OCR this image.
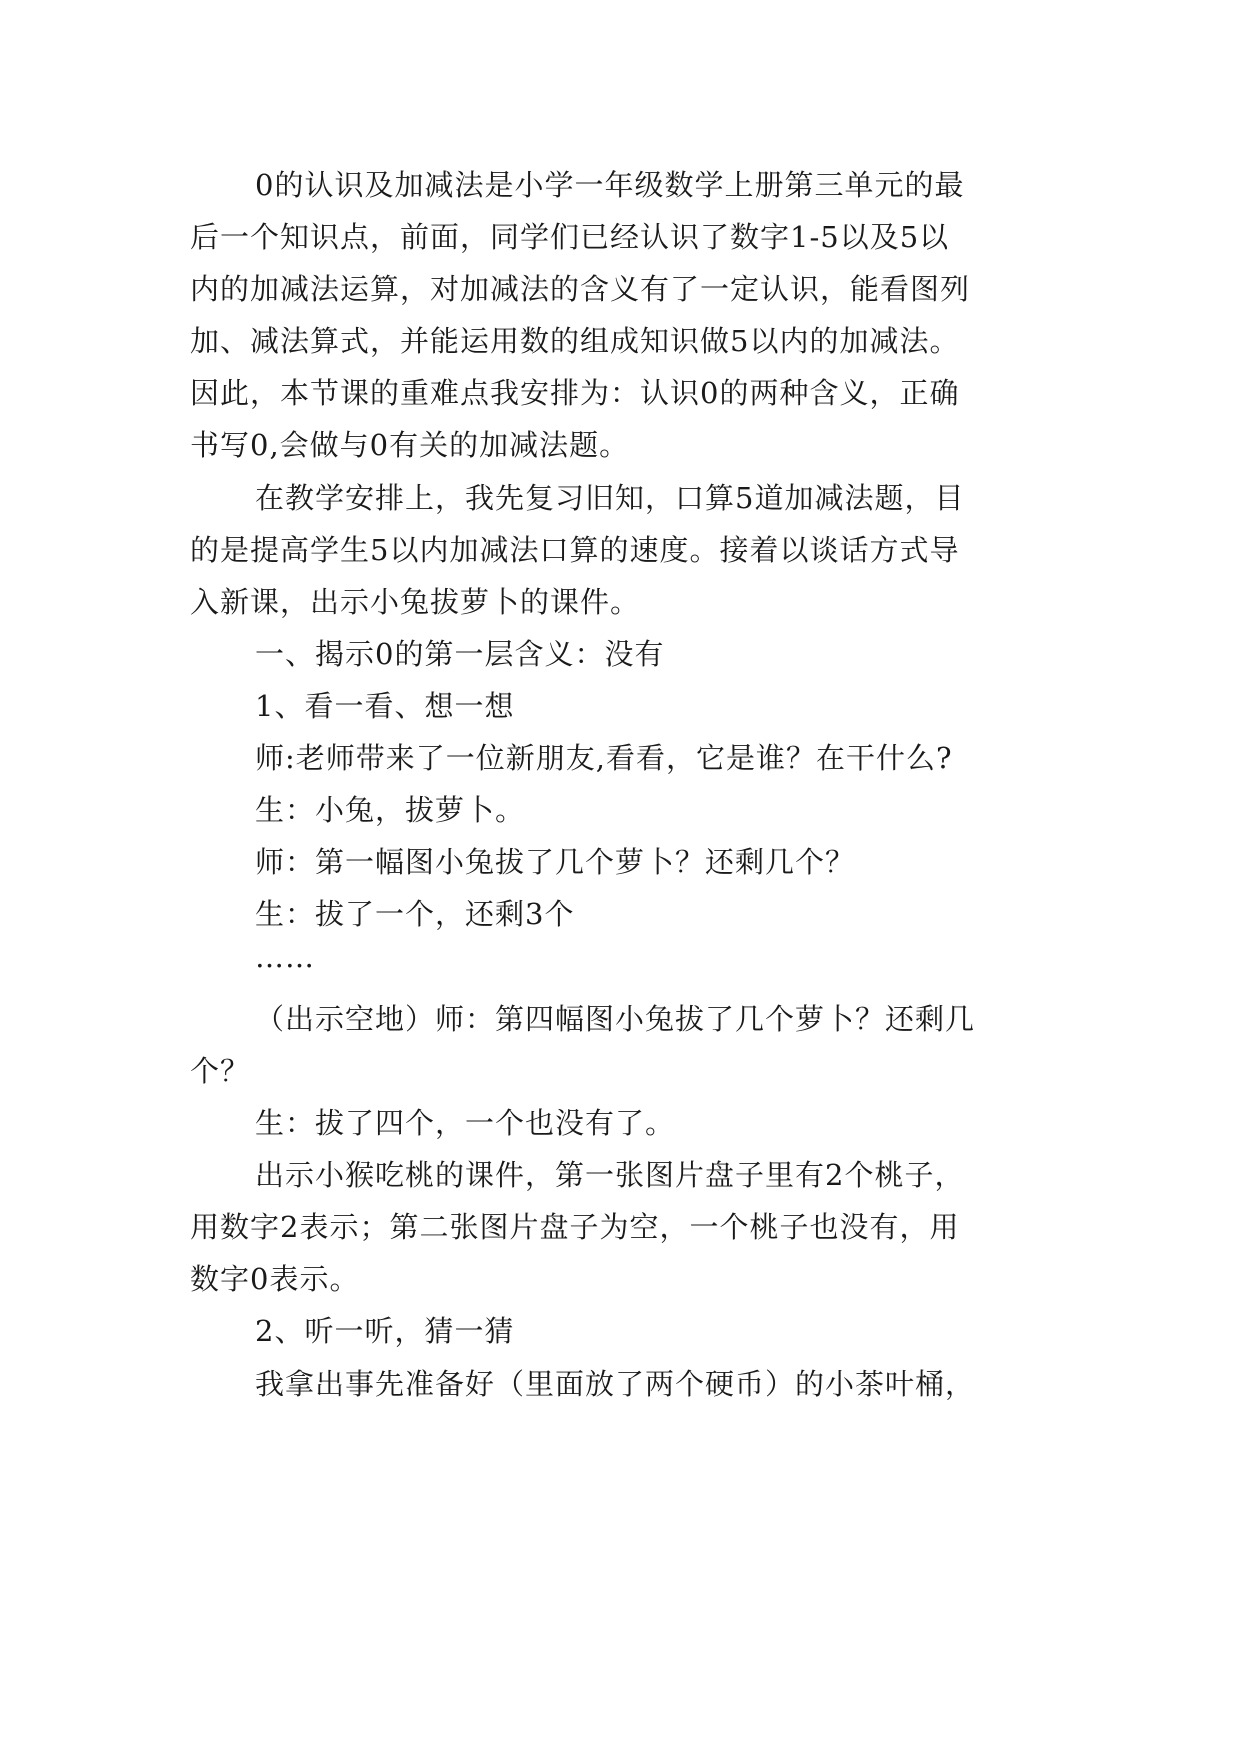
0的认识及加减法是小学一年级数学上册第三单元的最
后一个知识点，前面，同学们已经认识了数字1-5以及5以
内的加减法运算，对加减法的含义有了一定认识，能看图列
加、减法算式，并能运用数的组成知识做5以内的加减法。
因此，本节课的重难点我安排为：认识0的两种含义，正确
书写0,会做与0有关的加减法题。
在教学安排上，我先复习旧知，口算5道加减法题，目
的是提高学生5以内加减法口算的速度。接着以谈话方式导
入新课，出示小兔拔萝卜的课件。
一、揭示0的第一层含义：没有
1、看一看、想一想
师:老师带来了一位新朋友,看看，它是谁？在干什么?
生：小兔，拔萝卜。
师：第一幅图小兔拔了几个萝卜？还剩几个？
生：拔了一个，还剩3个
……
（出示空地）师：第四幅图小兔拔了几个萝卜？还剩几
个？
生：拔了四个，一个也没有了。
出示小猴吃桃的课件，第一张图片盘子里有2个桃子，
用数字2表示；第二张图片盘子为空，一个桃子也没有，用
数字0表示。
2、听一听，猜一猜
我拿出事先准备好（里面放了两个硬币）的小茶叶桶，
